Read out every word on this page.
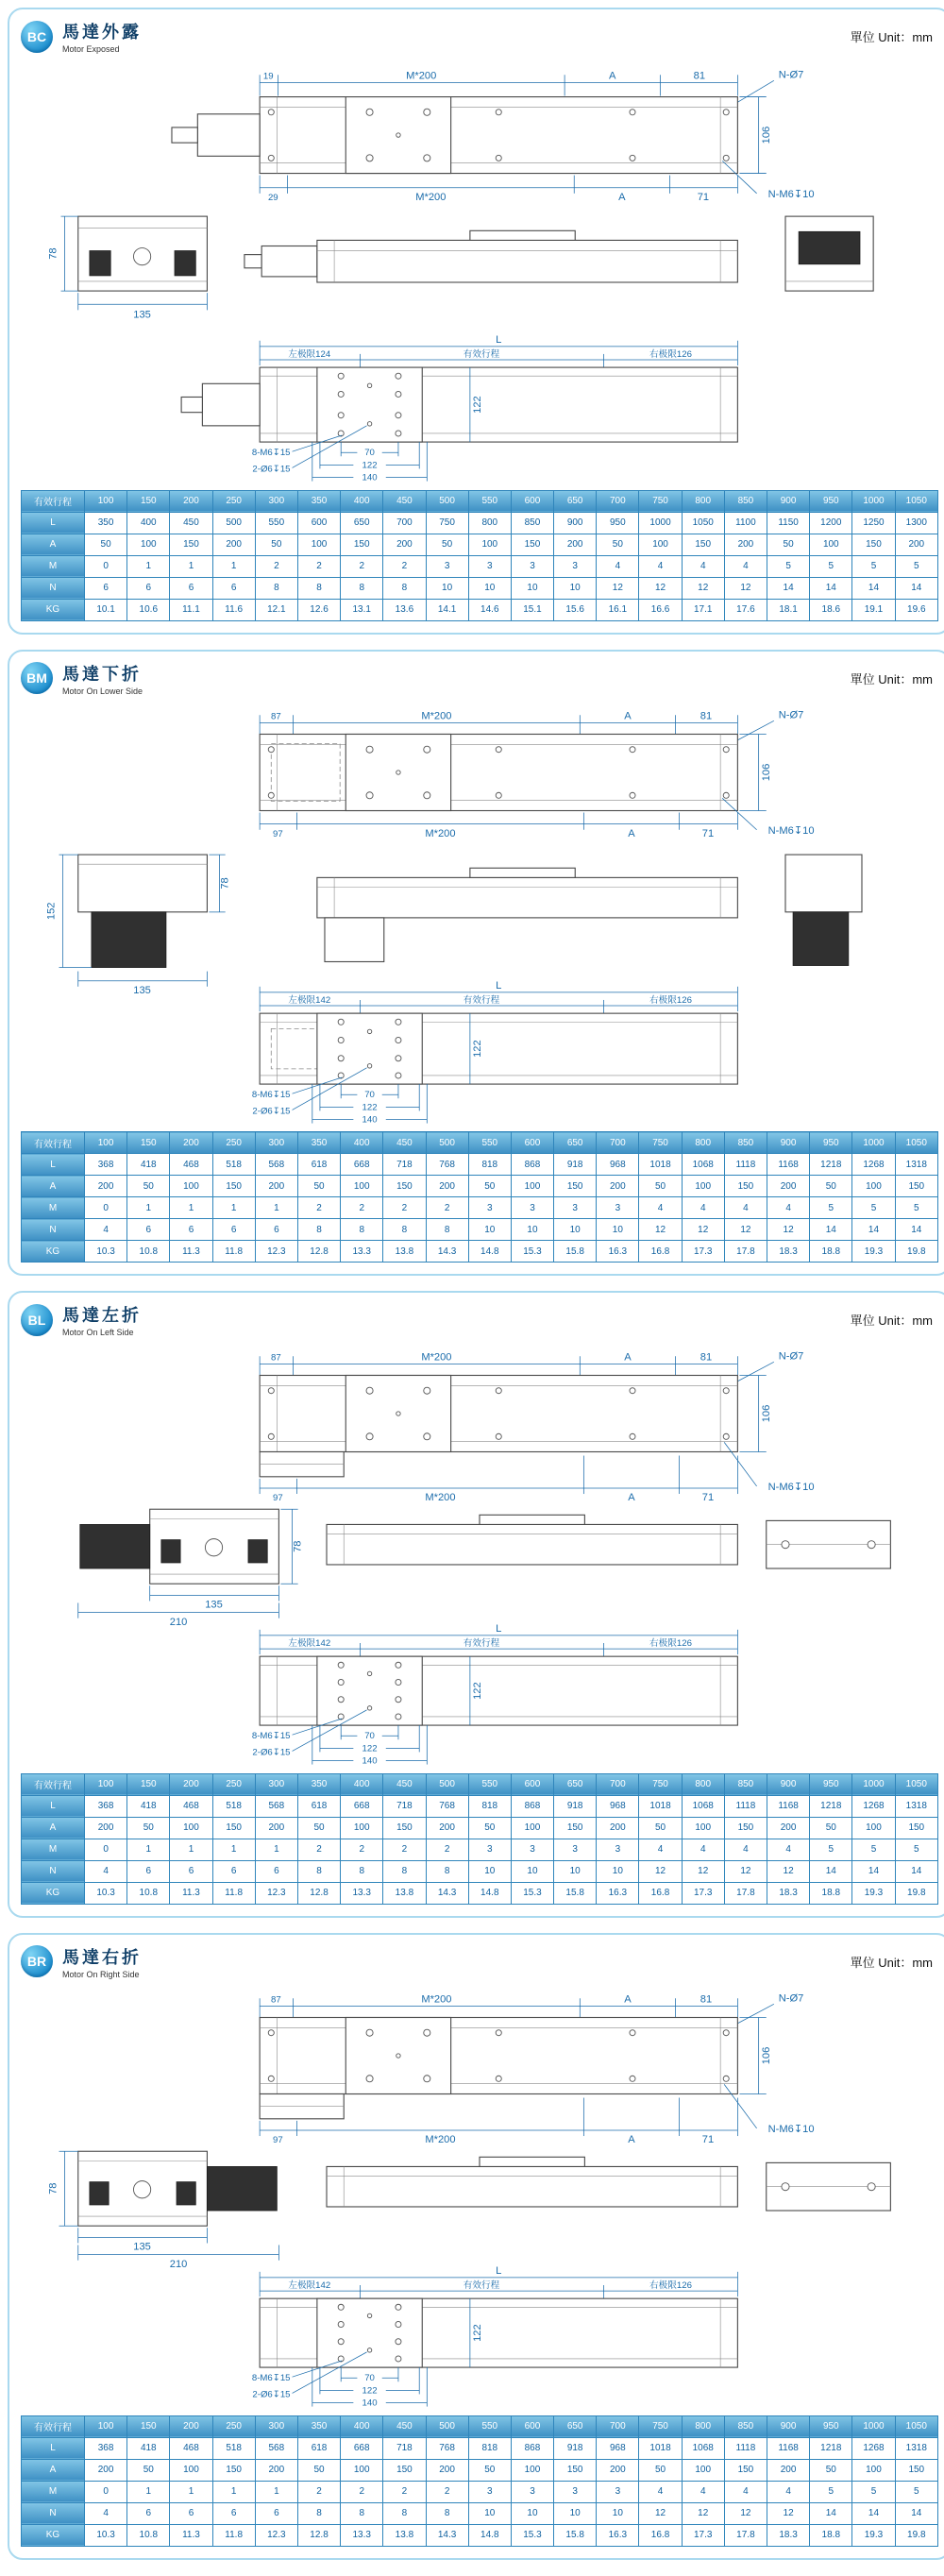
BC 馬達外露
Motor Exposed
單位 Unit：mm
19	M*200	A	81	N-Ø7
106
29	M*200	A	71	N-M6↧10
78
135
L
左极限124	有效行程	右极限126
122
70
122
140
8-M6↧15
2-Ø6↧15
有效行程	100	150	200	250	300	350	400	450	500	550	600	650	700	750	800	850	900	950	1000	1050
L	350	400	450	500	550	600	650	700	750	800	850	900	950	1000	1050	1100	1150	1200	1250	1300
A	50	100	150	200	50	100	150	200	50	100	150	200	50	100	150	200	50	100	150	200
M	0	1	1	1	2	2	2	2	3	3	3	3	4	4	4	4	5	5	5	5
N	6	6	6	6	8	8	8	8	10	10	10	10	12	12	12	12	14	14	14	14
KG	10.1	10.6	11.1	11.6	12.1	12.6	13.1	13.6	14.1	14.6	15.1	15.6	16.1	16.6	17.1	17.6	18.1	18.6	19.1	19.6
BM 馬達下折
Motor On Lower Side
單位 Unit：mm
87	M*200	A	81	N-Ø7
106
97	M*200	A	71	N-M6↧10
78
152
135	L
左极限142	有效行程	右极限126
122
70
122
140
8-M6↧15
2-Ø6↧15
有效行程	100	150	200	250	300	350	400	450	500	550	600	650	700	750	800	850	900	950	1000	1050
L	368	418	468	518	568	618	668	718	768	818	868	918	968	1018	1068	1118	1168	1218	1268	1318
A	200	50	100	150	200	50	100	150	200	50	100	150	200	50	100	150	200	50	100	150
M	0	1	1	1	1	2	2	2	2	3	3	3	3	4	4	4	4	5	5	5
N	4	6	6	6	6	8	8	8	8	10	10	10	10	12	12	12	12	14	14	14
KG	10.3	10.8	11.3	11.8	12.3	12.8	13.3	13.8	14.3	14.8	15.3	15.8	16.3	16.8	17.3	17.8	18.3	18.8	19.3	19.8
BL 馬達左折
Motor On Left Side
單位 Unit：mm
87	M*200	A	81	N-Ø7
106
97	M*200	A	71
N-M6↧10
78
135
210
L
左极限142	有效行程	右极限126
122
70
122
140
8-M6↧15
2-Ø6↧15
有效行程	100	150	200	250	300	350	400	450	500	550	600	650	700	750	800	850	900	950	1000	1050
L	368	418	468	518	568	618	668	718	768	818	868	918	968	1018	1068	1118	1168	1218	1268	1318
A	200	50	100	150	200	50	100	150	200	50	100	150	200	50	100	150	200	50	100	150
M	0	1	1	1	1	2	2	2	2	3	3	3	3	4	4	4	4	5	5	5
N	4	6	6	6	6	8	8	8	8	10	10	10	10	12	12	12	12	14	14	14
KG	10.3	10.8	11.3	11.8	12.3	12.8	13.3	13.8	14.3	14.8	15.3	15.8	16.3	16.8	17.3	17.8	18.3	18.8	19.3	19.8
BR 馬達右折
Motor On Right Side
單位 Unit：mm
87	M*200	A	81	N-Ø7
106
97	M*200	A	71
N-M6↧10
78
135
210
L
左极限142	有效行程	右极限126
122
70
122
140
8-M6↧15
2-Ø6↧15
有效行程	100	150	200	250	300	350	400	450	500	550	600	650	700	750	800	850	900	950	1000	1050
L	368	418	468	518	568	618	668	718	768	818	868	918	968	1018	1068	1118	1168	1218	1268	1318
A	200	50	100	150	200	50	100	150	200	50	100	150	200	50	100	150	200	50	100	150
M	0	1	1	1	1	2	2	2	2	3	3	3	3	4	4	4	4	5	5	5
N	4	6	6	6	6	8	8	8	8	10	10	10	10	12	12	12	12	14	14	14
KG	10.3	10.8	11.3	11.8	12.3	12.8	13.3	13.8	14.3	14.8	15.3	15.8	16.3	16.8	17.3	17.8	18.3	18.8	19.3	19.8
